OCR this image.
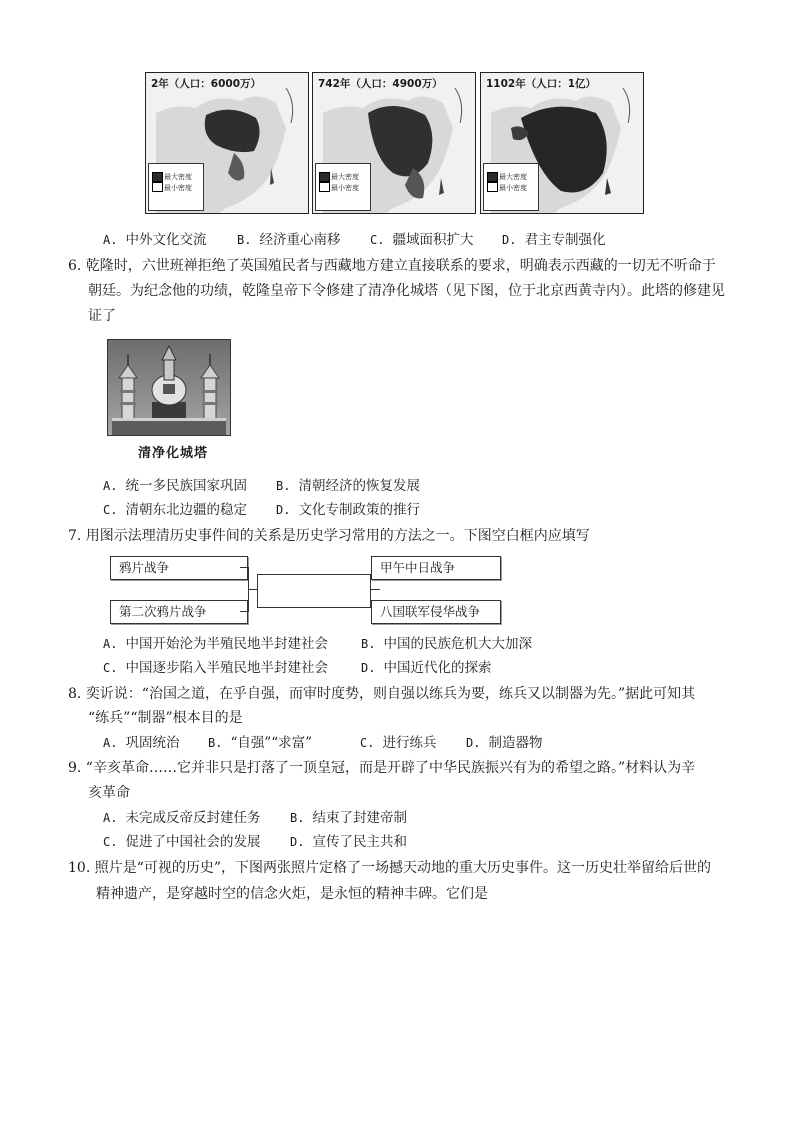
2年（人口：6000万）
最大密度
最小密度
742年（人口：4900万）
最大密度
最小密度
1102年（人口：1亿）
最大密度
最小密度
A. 中外文化交流	B. 经济重心南移 C. 疆域面积扩大 D. 君主专制强化
6. 乾隆时，六世班禅拒绝了英国殖民者与西藏地方建立直接联系的要求，明确表示西藏的一切无不听命于
朝廷。为纪念他的功绩，乾隆皇帝下令修建了清净化城塔（见下图，位于北京西黄寺内）。此塔的修建见
证了
清净化城塔
A. 统一多民族国家巩固 B. 清朝经济的恢复发展
C. 清朝东北边疆的稳定 D. 文化专制政策的推行
7. 用图示法理清历史事件间的关系是历史学习常用的方法之一。下图空白框内应填写
鸦片战争
第二次鸦片战争
甲午中日战争
八国联军侵华战争
A. 中国开始沦为半殖民地半封建社会	B. 中国的民族危机大大加深
C. 中国逐步陷入半殖民地半封建社会	D. 中国近代化的探索
8. 奕䜣说：“治国之道，在乎自强，而审时度势，则自强以练兵为要，练兵又以制器为先。”据此可知其
“练兵”“制器”根本目的是
A. 巩固统治 B. “自强”“求富”	C. 进行练兵 D. 制造器物
9. “辛亥革命……它并非只是打落了一顶皇冠，而是开辟了中华民族振兴有为的希望之路。”材料认为辛
亥革命
A. 未完成反帝反封建任务 B. 结束了封建帝制
C. 促进了中国社会的发展 D. 宣传了民主共和
10. 照片是“可视的历史”，下图两张照片定格了一场撼天动地的重大历史事件。这一历史壮举留给后世的
精神遗产，是穿越时空的信念火炬，是永恒的精神丰碑。它们是
